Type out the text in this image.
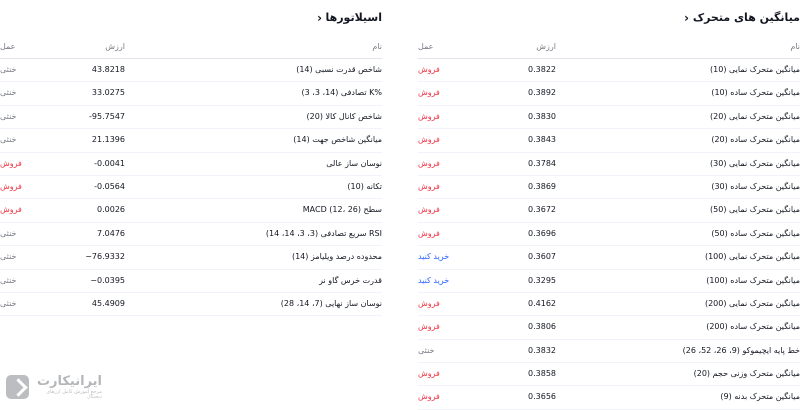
میانگین های متحرک
›
نام
ارزش
عمل
میانگین متحرک نمایی (10)
0.3822
فروش
میانگین متحرک ساده (10)
0.3892
فروش
میانگین متحرک نمایی (20)
0.3830
فروش
میانگین متحرک ساده (20)
0.3843
فروش
میانگین متحرک نمایی (30)
0.3784
فروش
میانگین متحرک ساده (30)
0.3869
فروش
میانگین متحرک نمایی (50)
0.3672
فروش
میانگین متحرک ساده (50)
0.3696
فروش
میانگین متحرک نمایی (100)
0.3607
خرید کنید
میانگین متحرک ساده (100)
0.3295
خرید کنید
میانگین متحرک نمایی (200)
0.4162
فروش
میانگین متحرک ساده (200)
0.3806
فروش
خط پایه ایچیموکو (9، 26، 52، 26)
0.3832
خنثی
میانگین متحرک وزنی حجم (20)
0.3858
فروش
میانگین متحرک بدنه (9)
0.3656
فروش
اسیلاتورها
›
نام
ارزش
عمل
شاخص قدرت نسبی (14)
43.8218
خنثی
%K تصادفی (14، 3، 3)
33.0275
خنثی
شاخص کانال کالا (20)
-95.7547
خنثی
میانگین شاخص جهت (14)
21.1396
خنثی
نوسان ساز عالی
-0.0041
فروش
تکانه (10)
-0.0564
فروش
سطح MACD (12، 26)
0.0026
فروش
RSI سریع تصادفی (3، 3، 14، 14)
7.0476
خنثی
محدوده درصد ویلیامز (14)
−76.9332
خنثی
قدرت خرس گاو نر
−0.0395
خنثی
نوسان ساز نهایی (7، 14، 28)
45.4909
خنثی
ایرانیکارت
مرجع آموزش کامل ارزهای دیجیتال
